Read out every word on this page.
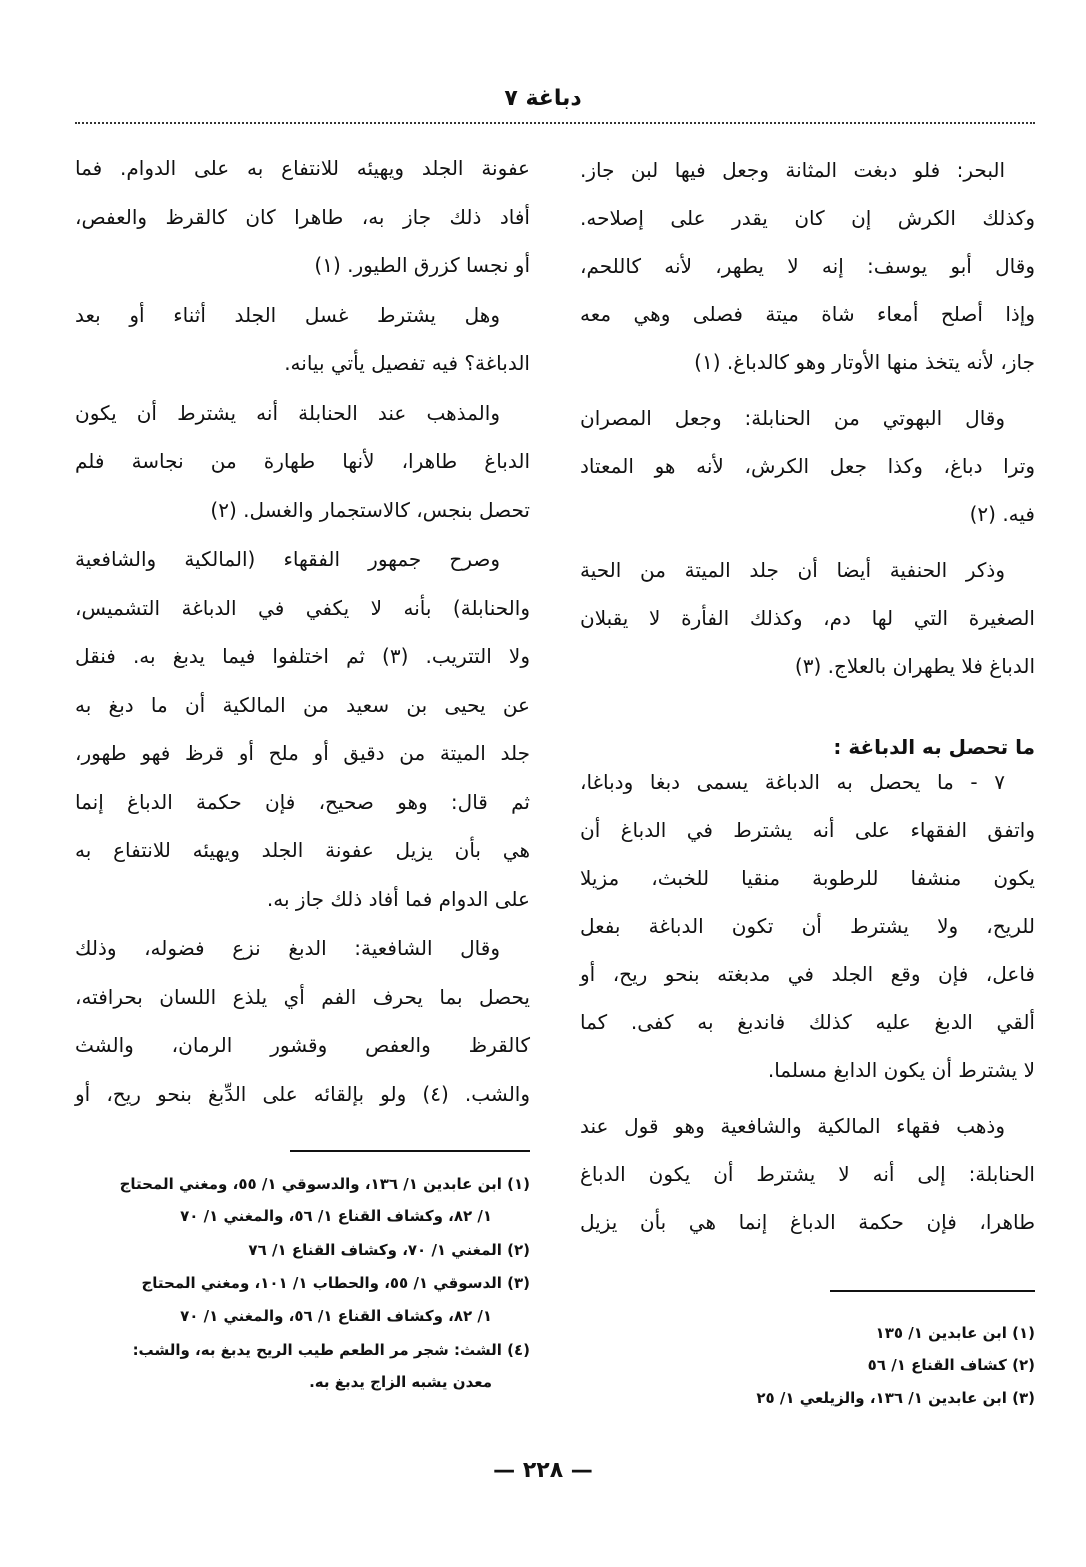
دباغة ٧
— ٢٢٨ —
البحر: فلو دبغت المثانة وجعل فيها لبن جاز.
وكذلك الكرش إن كان يقدر على إصلاحه.
وقال أبو يوسف: إنه لا يطهر، لأنه كاللحم،
وإذا أصلح أمعاء شاة ميتة فصلى وهي معه
جاز، لأنه يتخذ منها الأوتار وهو كالدباغ. (١)
وقال البهوتي من الحنابلة: وجعل المصران
وترا دباغ، وكذا جعل الكرش، لأنه هو المعتاد
فيه. (٢)
وذكر الحنفية أيضا أن جلد الميتة من الحية
الصغيرة التي لها دم، وكذلك الفأرة لا يقبلان
الدباغ فلا يطهران بالعلاج. (٣)
ما تحصل به الدباغة :
٧ - ما يحصل به الدباغة يسمى دبغا ودباغا،
واتفق الفقهاء على أنه يشترط في الدباغ أن
يكون منشفا للرطوبة منقيا للخبث، مزيلا
للريح، ولا يشترط أن تكون الدباغة بفعل
فاعل، فإن وقع الجلد في مدبغته بنحو ريح، أو
ألقي الدبغ عليه كذلك فاندبغ به كفى. كما
لا يشترط أن يكون الدابغ مسلما.
وذهب فقهاء المالكية والشافعية وهو قول عند
الحنابلة: إلى أنه لا يشترط أن يكون الدباغ
طاهرا، فإن حكمة الدباغ إنما هي بأن يزيل
عفونة الجلد ويهيئه للانتفاع به على الدوام. فما
أفاد ذلك جاز به، طاهرا كان كالقرظ والعفص،
أو نجسا كزرق الطيور. (١)
وهل يشترط غسل الجلد أثناء أو بعد
الدباغة؟ فيه تفصيل يأتي بيانه.
والمذهب عند الحنابلة أنه يشترط أن يكون
الدباغ طاهرا، لأنها طهارة من نجاسة فلم
تحصل بنجس، كالاستجمار والغسل. (٢)
وصرح جمهور الفقهاء (المالكية والشافعية
والحنابلة) بأنه لا يكفي في الدباغة التشميس،
ولا التتريب. (٣) ثم اختلفوا فيما يدبغ به. فنقل
عن يحيى بن سعيد من المالكية أن ما دبغ به
جلد الميتة من دقيق أو ملح أو قرظ فهو طهور،
ثم قال: وهو صحيح، فإن حكمة الدباغ إنما
هي بأن يزيل عفونة الجلد ويهيئه للانتفاع به
على الدوام فما أفاد ذلك جاز به.
وقال الشافعية: الدبغ نزع فضوله، وذلك
يحصل بما يحرف الفم أي يلذع اللسان بحرافته،
كالقرظ والعفص وقشور الرمان، والشث
والشب. (٤) ولو بإلقائه على الدِّبغ بنحو ريح، أو
(١) ابن عابدين ١/ ١٣٥
(٢) كشاف القناع ١/ ٥٦
(٣) ابن عابدين ١/ ١٣٦، والزيلعي ١/ ٢٥
(١) ابن عابدين ١/ ١٣٦، والدسوقي ١/ ٥٥، ومغني المحتاج
١/ ٨٢، وكشاف القناع ١/ ٥٦، والمغني ١/ ٧٠
(٢) المغني ١/ ٧٠، وكشاف القناع ١/ ٧٦
(٣) الدسوقي ١/ ٥٥، والحطاب ١/ ١٠١، ومغني المحتاج
١/ ٨٢، وكشاف القناع ١/ ٥٦، والمغني ١/ ٧٠
(٤) الشث: شجر مر الطعم طيب الريح يدبغ به، والشب:
معدن يشبه الزاج يدبغ به.
